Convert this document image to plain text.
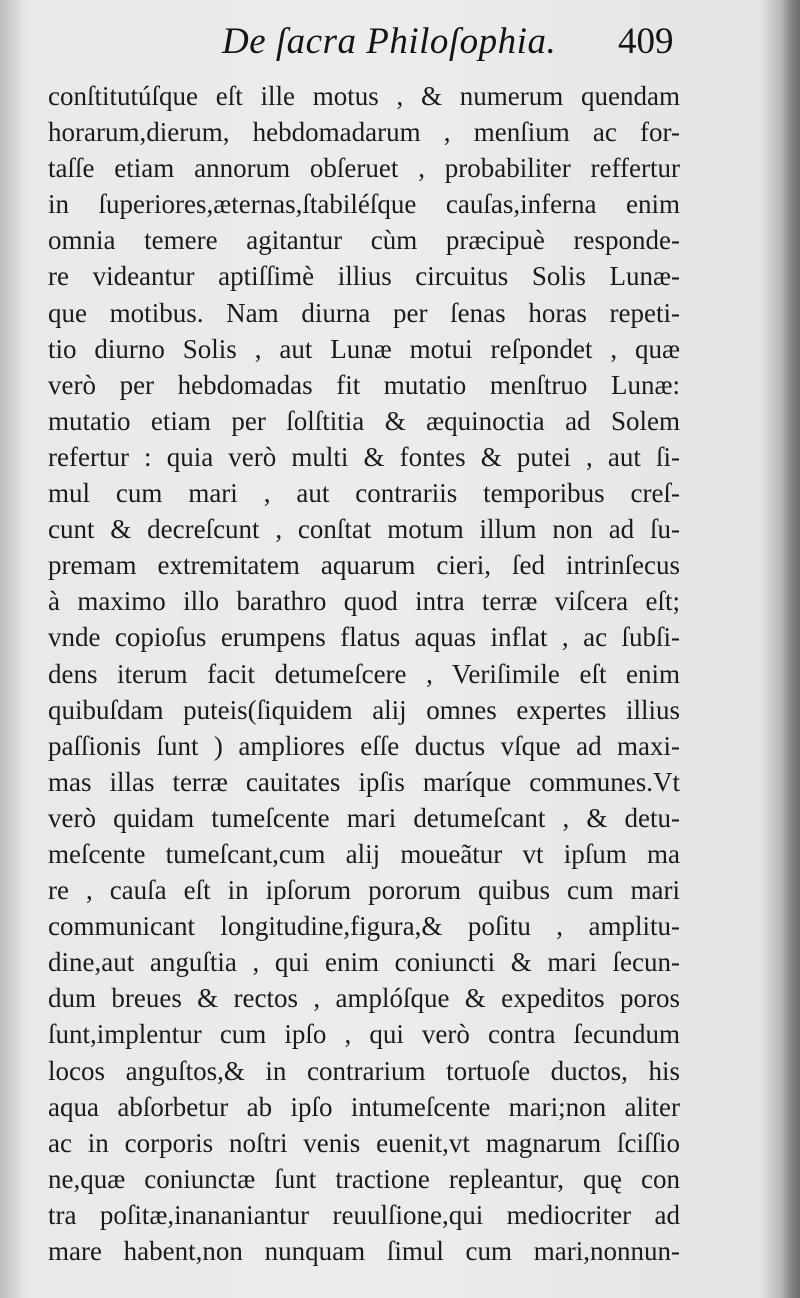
De ſacra Philoſophia. 409
conſtitutúſque eſt ille motus , & numerum quendam
horarum,dierum, hebdomadarum , menſium ac for-
taſſe etiam annorum obſeruet , probabiliter reffertur
in ſuperiores,æternas,ſtabiléſque cauſas,inferna enim
omnia temere agitantur cùm præcipuè responde-
re videantur aptiſſimè illius circuitus Solis Lunæ-
que motibus. Nam diurna per ſenas horas repeti-
tio diurno Solis , aut Lunæ motui reſpondet , quæ
verò per hebdomadas fit mutatio menſtruo Lunæ:
mutatio etiam per ſolſtitia & æquinoctia ad Solem
refertur : quia verò multi & fontes & putei , aut ſi-
mul cum mari , aut contrariis temporibus creſ-
cunt & decreſcunt , conſtat motum illum non ad ſu-
premam extremitatem aquarum cieri, ſed intrinſecus
à maximo illo barathro quod intra terræ viſcera eſt;
vnde copioſus erumpens flatus aquas inflat , ac ſubſi-
dens iterum facit detumeſcere , Veriſimile eſt enim
quibuſdam puteis(ſiquidem alij omnes expertes illius
paſſionis ſunt ) ampliores eſſe ductus vſque ad maxi-
mas illas terræ cauitates ipſis maríque communes.Vt
verò quidam tumeſcente mari detumeſcant , & detu-
meſcente tumeſcant,cum alij moueãtur vt ipſum ma
re , cauſa eſt in ipſorum pororum quibus cum mari
communicant longitudine,figura,& poſitu , amplitu-
dine,aut anguſtia , qui enim coniuncti & mari ſecun-
dum breues & rectos , amplóſque & expeditos poros
ſunt,implentur cum ipſo , qui verò contra ſecundum
locos anguſtos,& in contrarium tortuoſe ductos, his
aqua abſorbetur ab ipſo intumeſcente mari;non aliter
ac in corporis noſtri venis euenit,vt magnarum ſciſſio
ne,quæ coniunctæ ſunt tractione repleantur, quę con
tra poſitæ,inananiantur reuulſione,qui mediocriter ad
mare habent,non nunquam ſimul cum mari,nonnun-
